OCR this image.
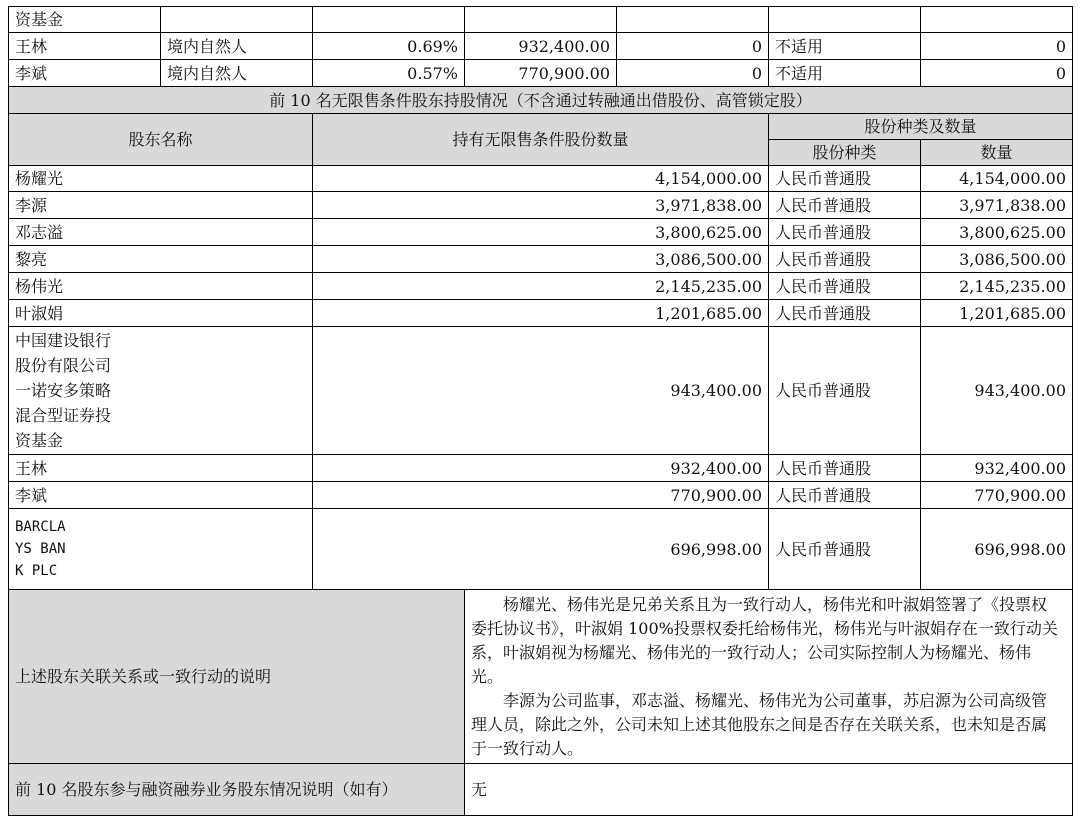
资基金						
王林	境内自然人	0.69%	932,400.00	0	不适用	0
李斌	境内自然人	0.57%	770,900.00	0	不适用	0
前 10 名无限售条件股东持股情况（不含通过转融通出借股份、高管锁定股）						
股东名称		持有无限售条件股份数量			股份种类及数量	
					股份种类	数量
杨耀光		4,154,000.00			人民币普通股	4,154,000.00
李源		3,971,838.00			人民币普通股	3,971,838.00
邓志溢		3,800,625.00			人民币普通股	3,800,625.00
黎亮		3,086,500.00			人民币普通股	3,086,500.00
杨伟光		2,145,235.00			人民币普通股	2,145,235.00
叶淑娟		1,201,685.00			人民币普通股	1,201,685.00

中国建设银行
股份有限公司
一诺安多策略
混合型证券投
资基金		943,400.00			人民币普通股	943,400.00
王林		932,400.00			人民币普通股	932,400.00
李斌		770,900.00			人民币普通股	770,900.00

BARCLA
YS BAN
K PLC		696,998.00			人民币普通股	696,998.00
上述股东关联关系或一致行动的说明			杨耀光、杨伟光是兄弟关系且为一致行动人，杨伟光和叶淑娟签署了《投票权委托协议书》，叶淑娟 100%投票权委托给杨伟光，杨伟光与叶淑娟存在一致行动关系，叶淑娟视为杨耀光、杨伟光的一致行动人；公司实际控制人为杨耀光、杨伟光。

李源为公司监事，邓志溢、杨耀光、杨伟光为公司董事，苏启源为公司高级管理人员，除此之外，公司未知上述其他股东之间是否存在关联关系，也未知是否属于一致行动人。			

前 10 名股东参与融资融券业务股东情况说明（如有）			无			
